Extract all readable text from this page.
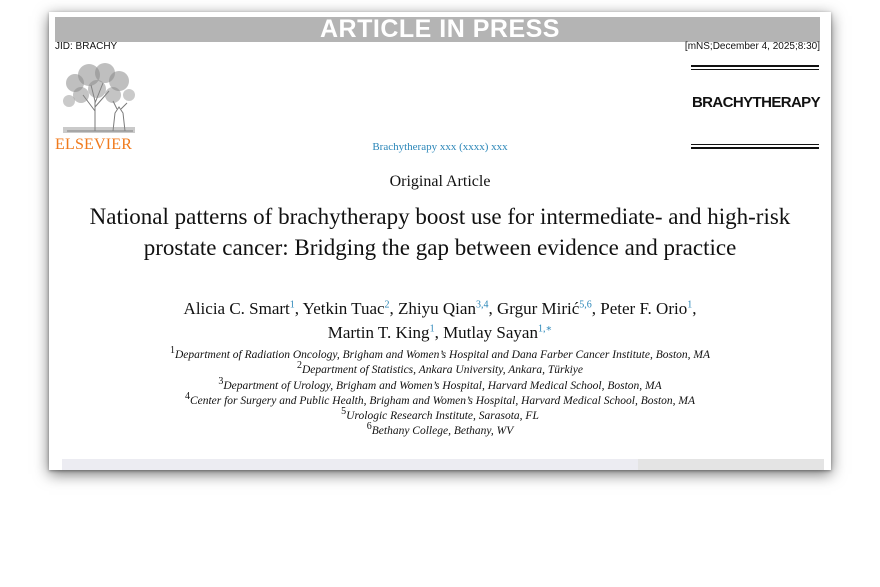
ARTICLE IN PRESS
JID: BRACHY	[mNS;December 4, 2025;8:30]
ELSEVIER	Brachytherapy xxx (xxxx) xxx
BRACHYTHERAPY
Original Article
National patterns of brachytherapy boost use for intermediate- and high-risk prostate cancer: Bridging the gap between evidence and practice
Alicia C. Smart$^1$, Yetkin Tuac$^2$, Zhiyu Qian$^{3,4}$, Grgur Mirić$^{5,6}$, Peter F. Orio$^1$,
Martin T. King$^1$, Mutlay Sayan$^{1,∗}$
$^1$Department of Radiation Oncology, Brigham and Women’s Hospital and Dana Farber Cancer Institute, Boston, MA
$^2$Department of Statistics, Ankara University, Ankara, Türkiye
$^3$Department of Urology, Brigham and Women’s Hospital, Harvard Medical School, Boston, MA
$^4$Center for Surgery and Public Health, Brigham and Women’s Hospital, Harvard Medical School, Boston, MA
$^5$Urologic Research Institute, Sarasota, FL
$^6$Bethany College, Bethany, WV
